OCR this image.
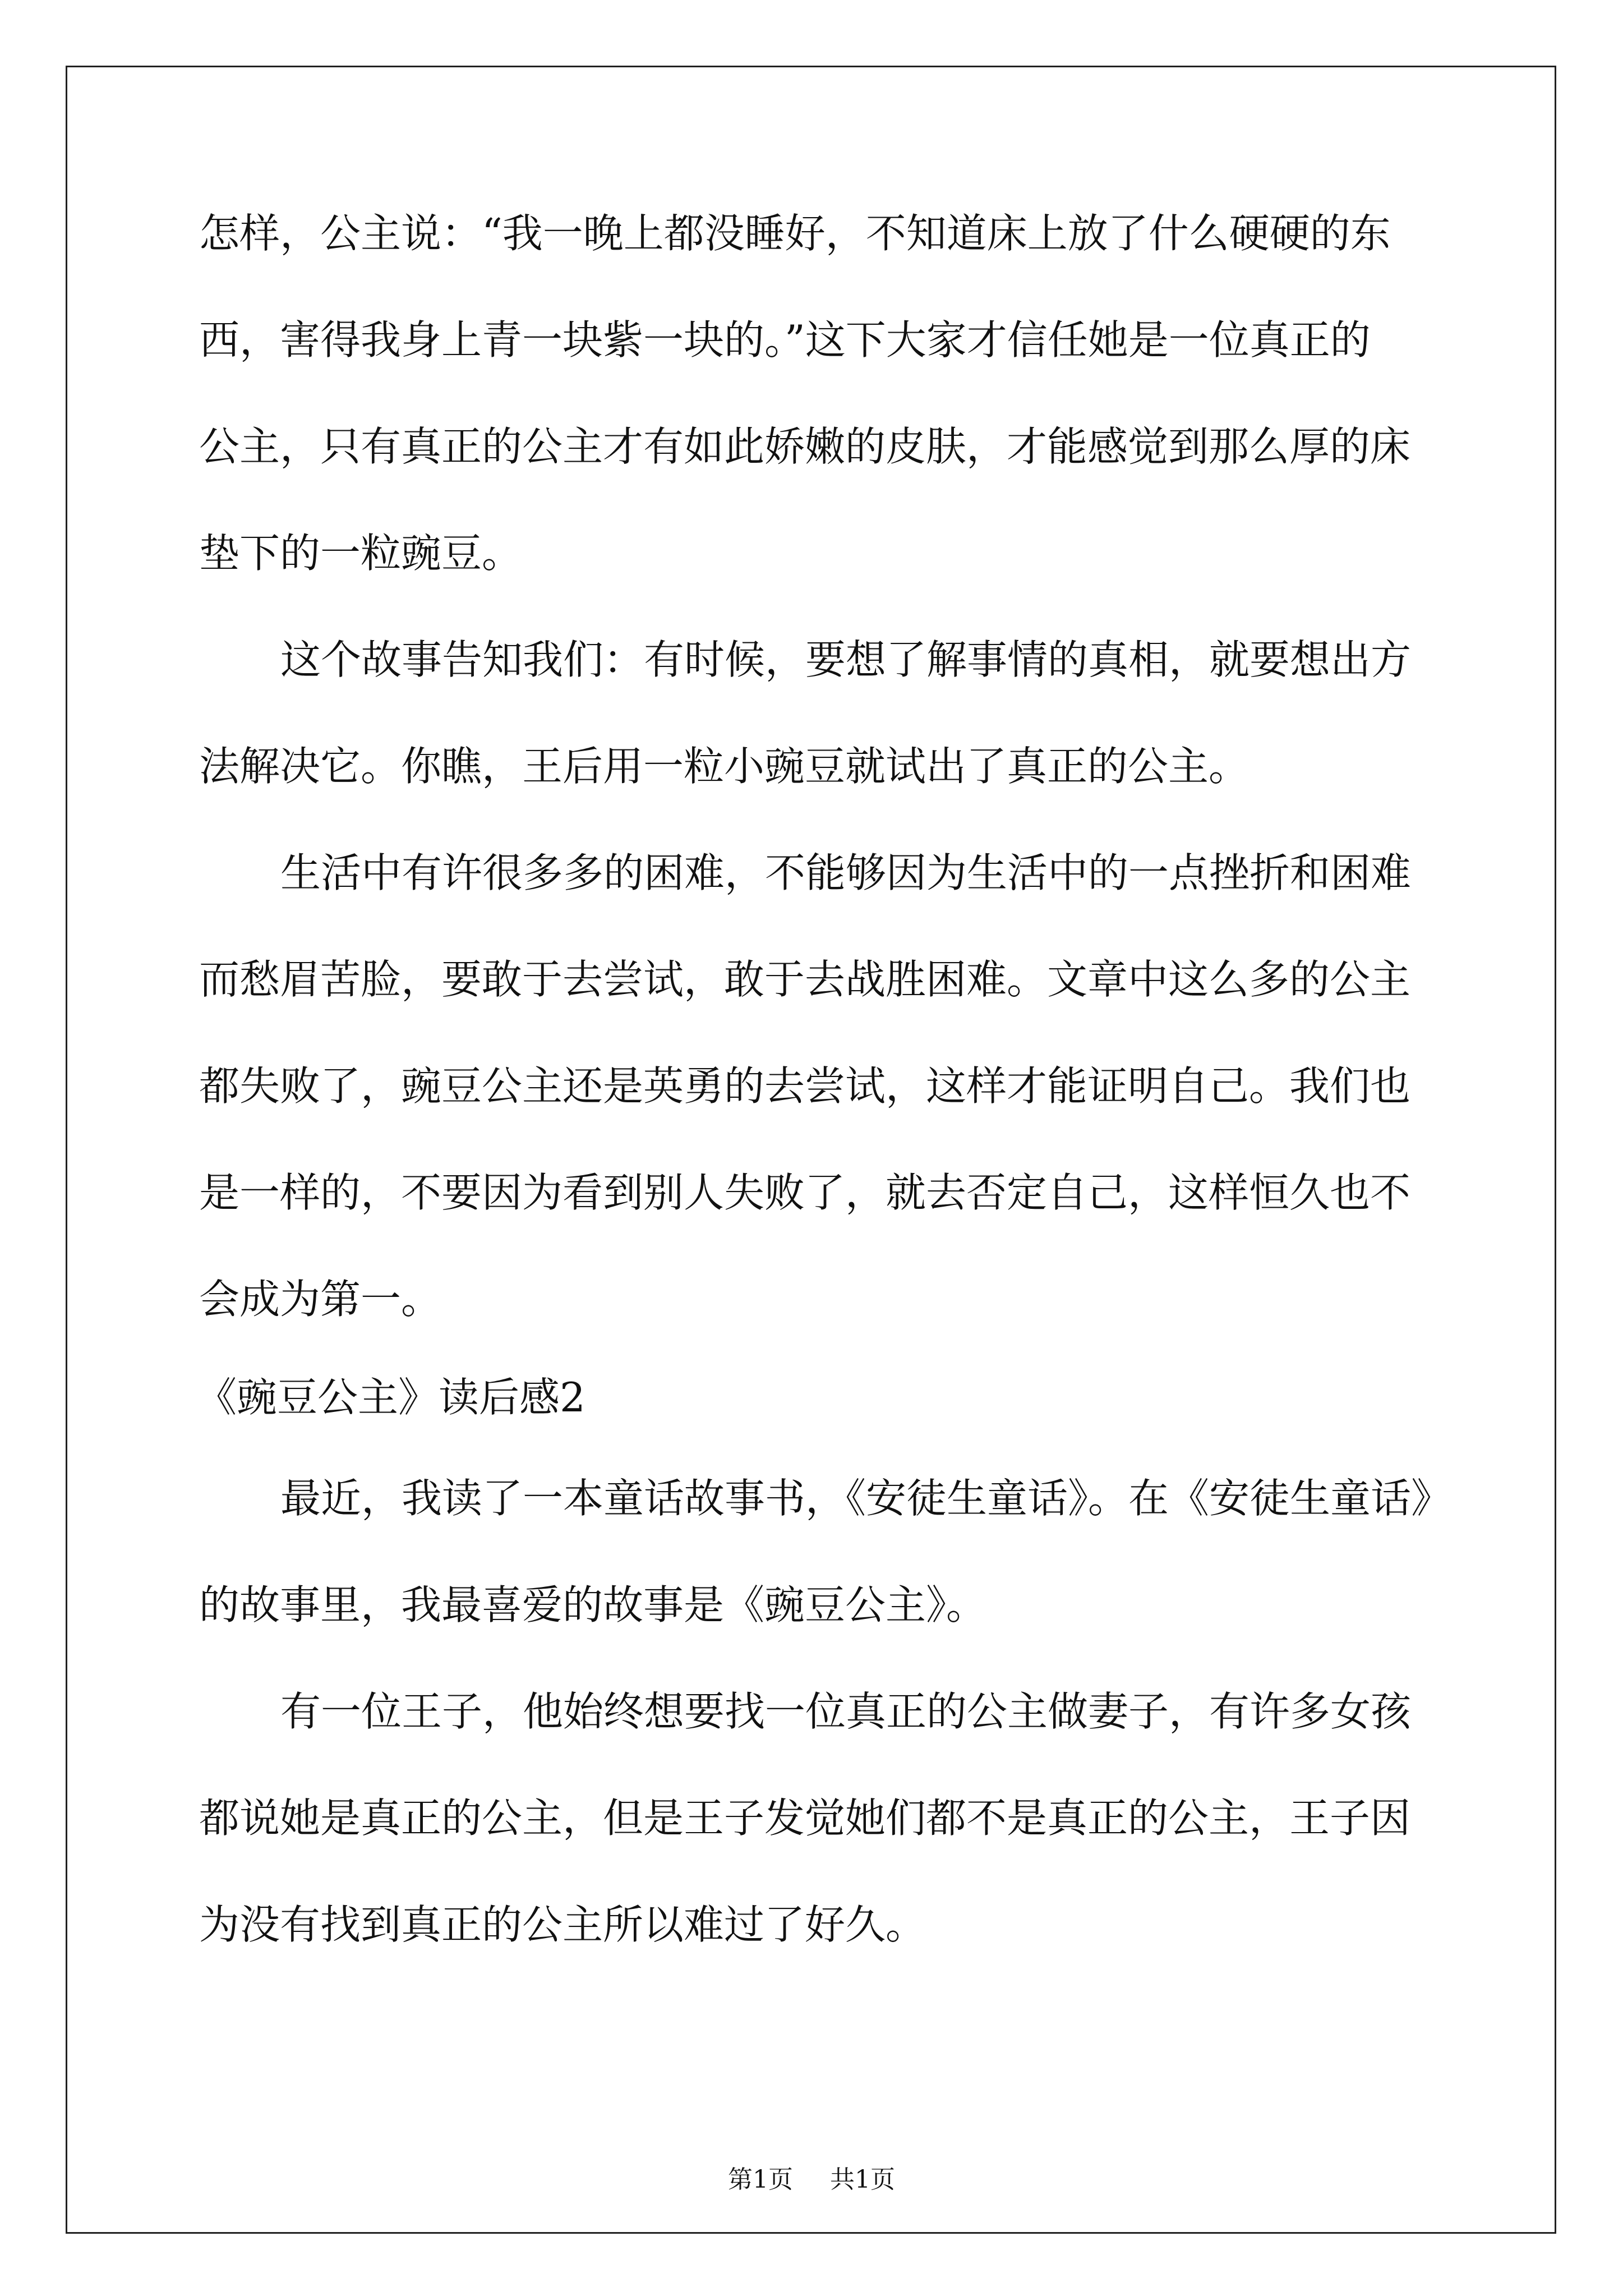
怎样，公主说：“我一晚上都没睡好，不知道床上放了什么硬硬的东
西，害得我身上青一块紫一块的。”这下大家才信任她是一位真正的
公主，只有真正的公主才有如此娇嫩的皮肤，才能感觉到那么厚的床
垫下的一粒豌豆。
这个故事告知我们：有时候，要想了解事情的真相，就要想出方
法解决它。你瞧，王后用一粒小豌豆就试出了真正的公主。
生活中有许很多多的困难，不能够因为生活中的一点挫折和困难
而愁眉苦脸，要敢于去尝试，敢于去战胜困难。文章中这么多的公主
都失败了，豌豆公主还是英勇的去尝试，这样才能证明自己。我们也
是一样的，不要因为看到别人失败了，就去否定自己，这样恒久也不
会成为第一。
《豌豆公主》读后感2
最近，我读了一本童话故事书，《安徒生童话》。在《安徒生童话》
的故事里，我最喜爱的故事是《豌豆公主》。
有一位王子，他始终想要找一位真正的公主做妻子，有许多女孩
都说她是真正的公主，但是王子发觉她们都不是真正的公主，王子因
为没有找到真正的公主所以难过了好久。
第1页 共1页
